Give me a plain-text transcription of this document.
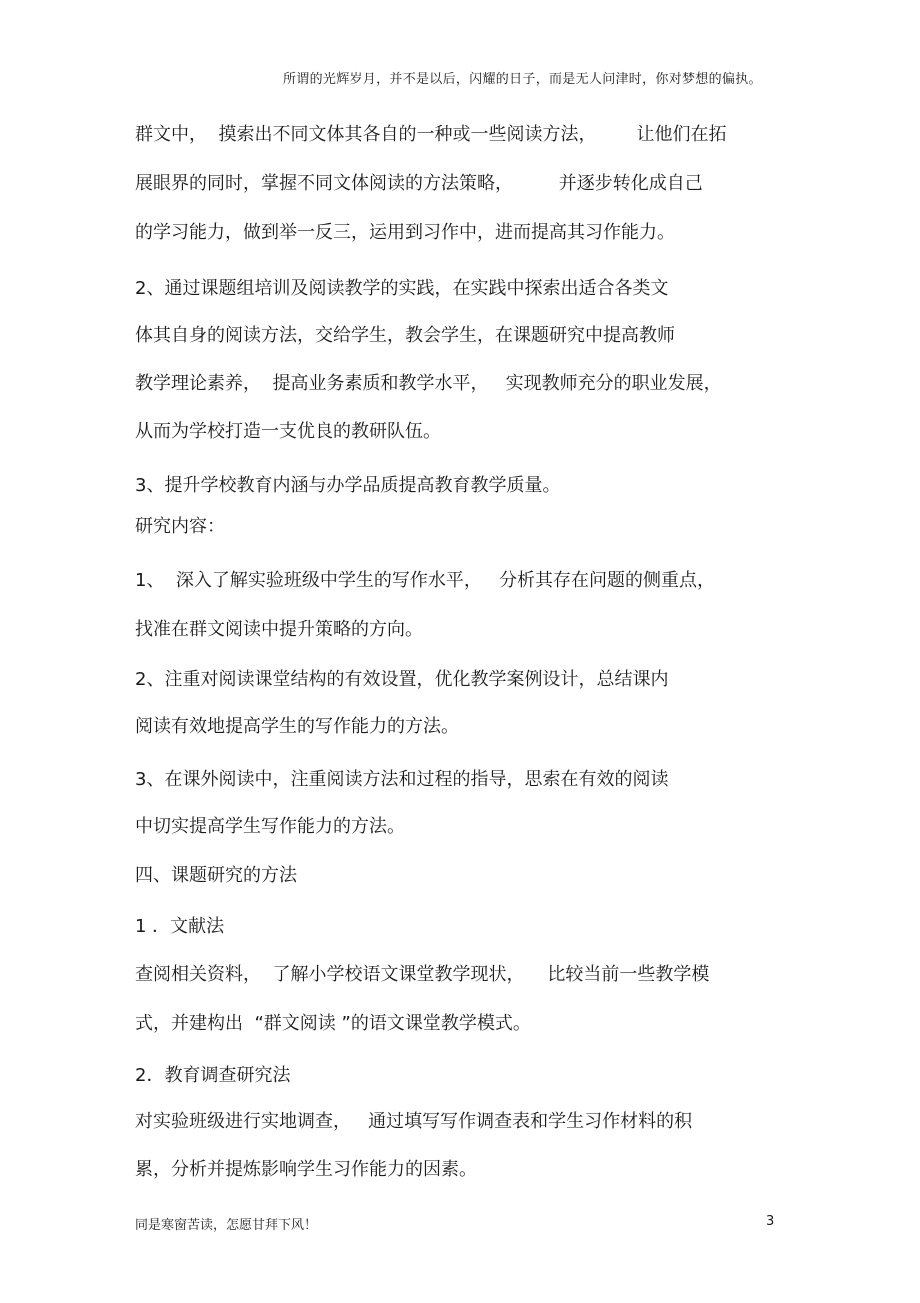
所谓的光辉岁月，并不是以后，闪耀的日子，而是无人问津时，你对梦想的偏执。
群文中，  摸索出不同文体其各自的一种或一些阅读方法，       让他们在拓
展眼界的同时，掌握不同文体阅读的方法策略，        并逐步转化成自己
的学习能力，做到举一反三，运用到习作中，进而提高其习作能力。
2、通过课题组培训及阅读教学的实践，在实践中探索出适合各类文
体其自身的阅读方法，交给学生，教会学生，在课题研究中提高教师
教学理论素养，  提高业务素质和教学水平，   实现教师充分的职业发展，
从而为学校打造一支优良的教研队伍。
3、提升学校教育内涵与办学品质提高教育教学质量。
研究内容：
1、  深入了解实验班级中学生的写作水平，   分析其存在问题的侧重点，
找准在群文阅读中提升策略的方向。
2、注重对阅读课堂结构的有效设置，优化教学案例设计，总结课内
阅读有效地提高学生的写作能力的方法。
3、在课外阅读中，注重阅读方法和过程的指导，思索在有效的阅读
中切实提高学生写作能力的方法。
四、课题研究的方法
1 ．文献法
查阅相关资料，  了解小学校语文课堂教学现状，    比较当前一些教学模
式，并建构出  “群文阅读 ”的语文课堂教学模式。
2．教育调查研究法
对实验班级进行实地调查，   通过填写写作调查表和学生习作材料的积
累，分析并提炼影响学生习作能力的因素。
同是寒窗苦读，怎愿甘拜下风！	3
